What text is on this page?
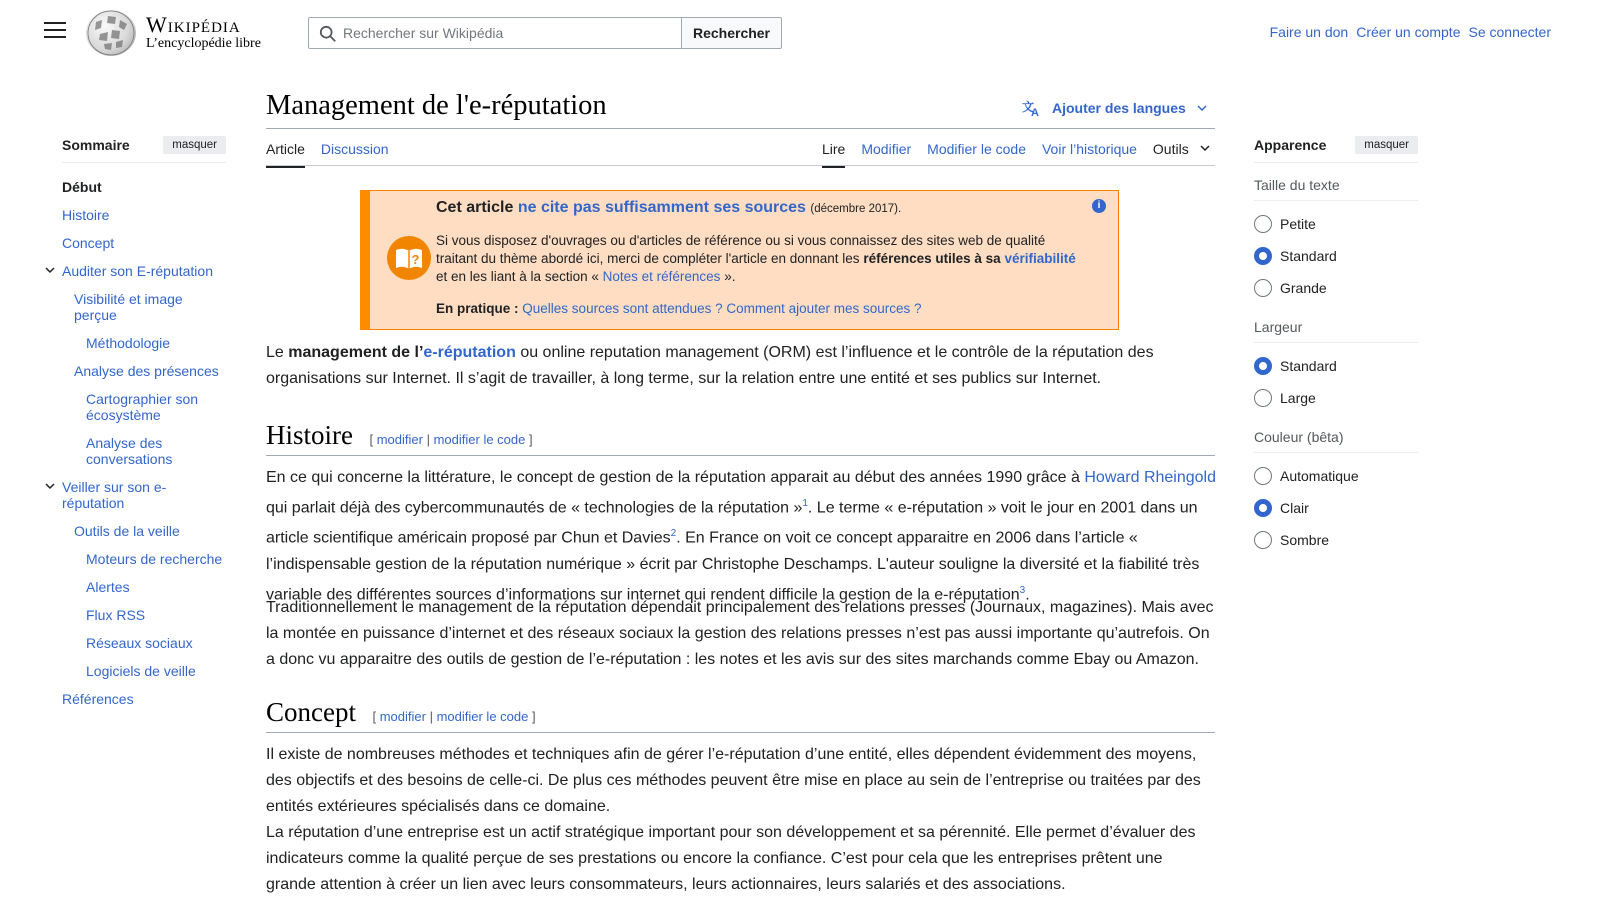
Wikipédia
L’encyclopédie libre
Rechercher sur Wikipédia
Rechercher	Faire un don Créer un compte Se connecter
Sommaire	masquer
Début
Histoire
Concept
Auditer son E-réputation
Visibilité et image perçue
Méthodologie
Analyse des présences
Cartographier son écosystème
Analyse des conversations
Veiller sur son e-réputation
Outils de la veille
Moteurs de recherche
Alertes
Flux RSS
Réseaux sociaux
Logiciels de veille
Références
Management de l'e-réputation	文
A Ajouter des langues
Article Discussion	Lire Modifier Modifier le code Voir l’historique Outils
?
i
Cet article ne cite pas suffisamment ses sources (décembre 2017).
Si vous disposez d'ouvrages ou d'articles de référence ou si vous connaissez des sites web de qualité traitant du thème abordé ici, merci de compléter l'article en donnant les références utiles à sa vérifiabilité et en les liant à la section « Notes et références ».
En pratique : Quelles sources sont attendues ? Comment ajouter mes sources ?

Le management de l’e-réputation ou online reputation management (ORM) est l’influence et le contrôle de la réputation des organisations sur Internet. Il s’agit de travailler, à long terme, sur la relation entre une entité et ses publics sur Internet.

Histoire [ modifier | modifier le code ]

En ce qui concerne la littérature, le concept de gestion de la réputation apparait au début des années 1990 grâce à Howard Rheingold qui parlait déjà des cybercommunautés de « technologies de la réputation »$^1$. Le terme « e-réputation » voit le jour en 2001 dans un article scientifique américain proposé par Chun et Davies$^2$. En France on voit ce concept apparaitre en 2006 dans l’article « l’indispensable gestion de la réputation numérique » écrit par Christophe Deschamps. L'auteur souligne la diversité et la fiabilité très variable des différentes sources d’informations sur internet qui rendent difficile la gestion de la e-réputation$^3$.

Traditionnellement le management de la réputation dépendait principalement des relations presses (Journaux, magazines). Mais avec la montée en puissance d’internet et des réseaux sociaux la gestion des relations presses n’est pas aussi importante qu’autrefois. On a donc vu apparaitre des outils de gestion de l’e-réputation : les notes et les avis sur des sites marchands comme Ebay ou Amazon.

Concept [ modifier | modifier le code ]

Il existe de nombreuses méthodes et techniques afin de gérer l’e-réputation d’une entité, elles dépendent évidemment des moyens, des objectifs et des besoins de celle-ci. De plus ces méthodes peuvent être mise en place au sein de l’entreprise ou traitées par des entités extérieures spécialisés dans ce domaine.

La réputation d’une entreprise est un actif stratégique important pour son développement et sa pérennité. Elle permet d’évaluer des indicateurs comme la qualité perçue de ses prestations ou encore la confiance. C’est pour cela que les entreprises prêtent une grande attention à créer un lien avec leurs consommateurs, leurs actionnaires, leurs salariés et des associations.

Apparence	masquer
Taille du texte
Petite
Standard
Grande
Largeur
Standard
Large
Couleur (bêta)
Automatique
Clair
Sombre
